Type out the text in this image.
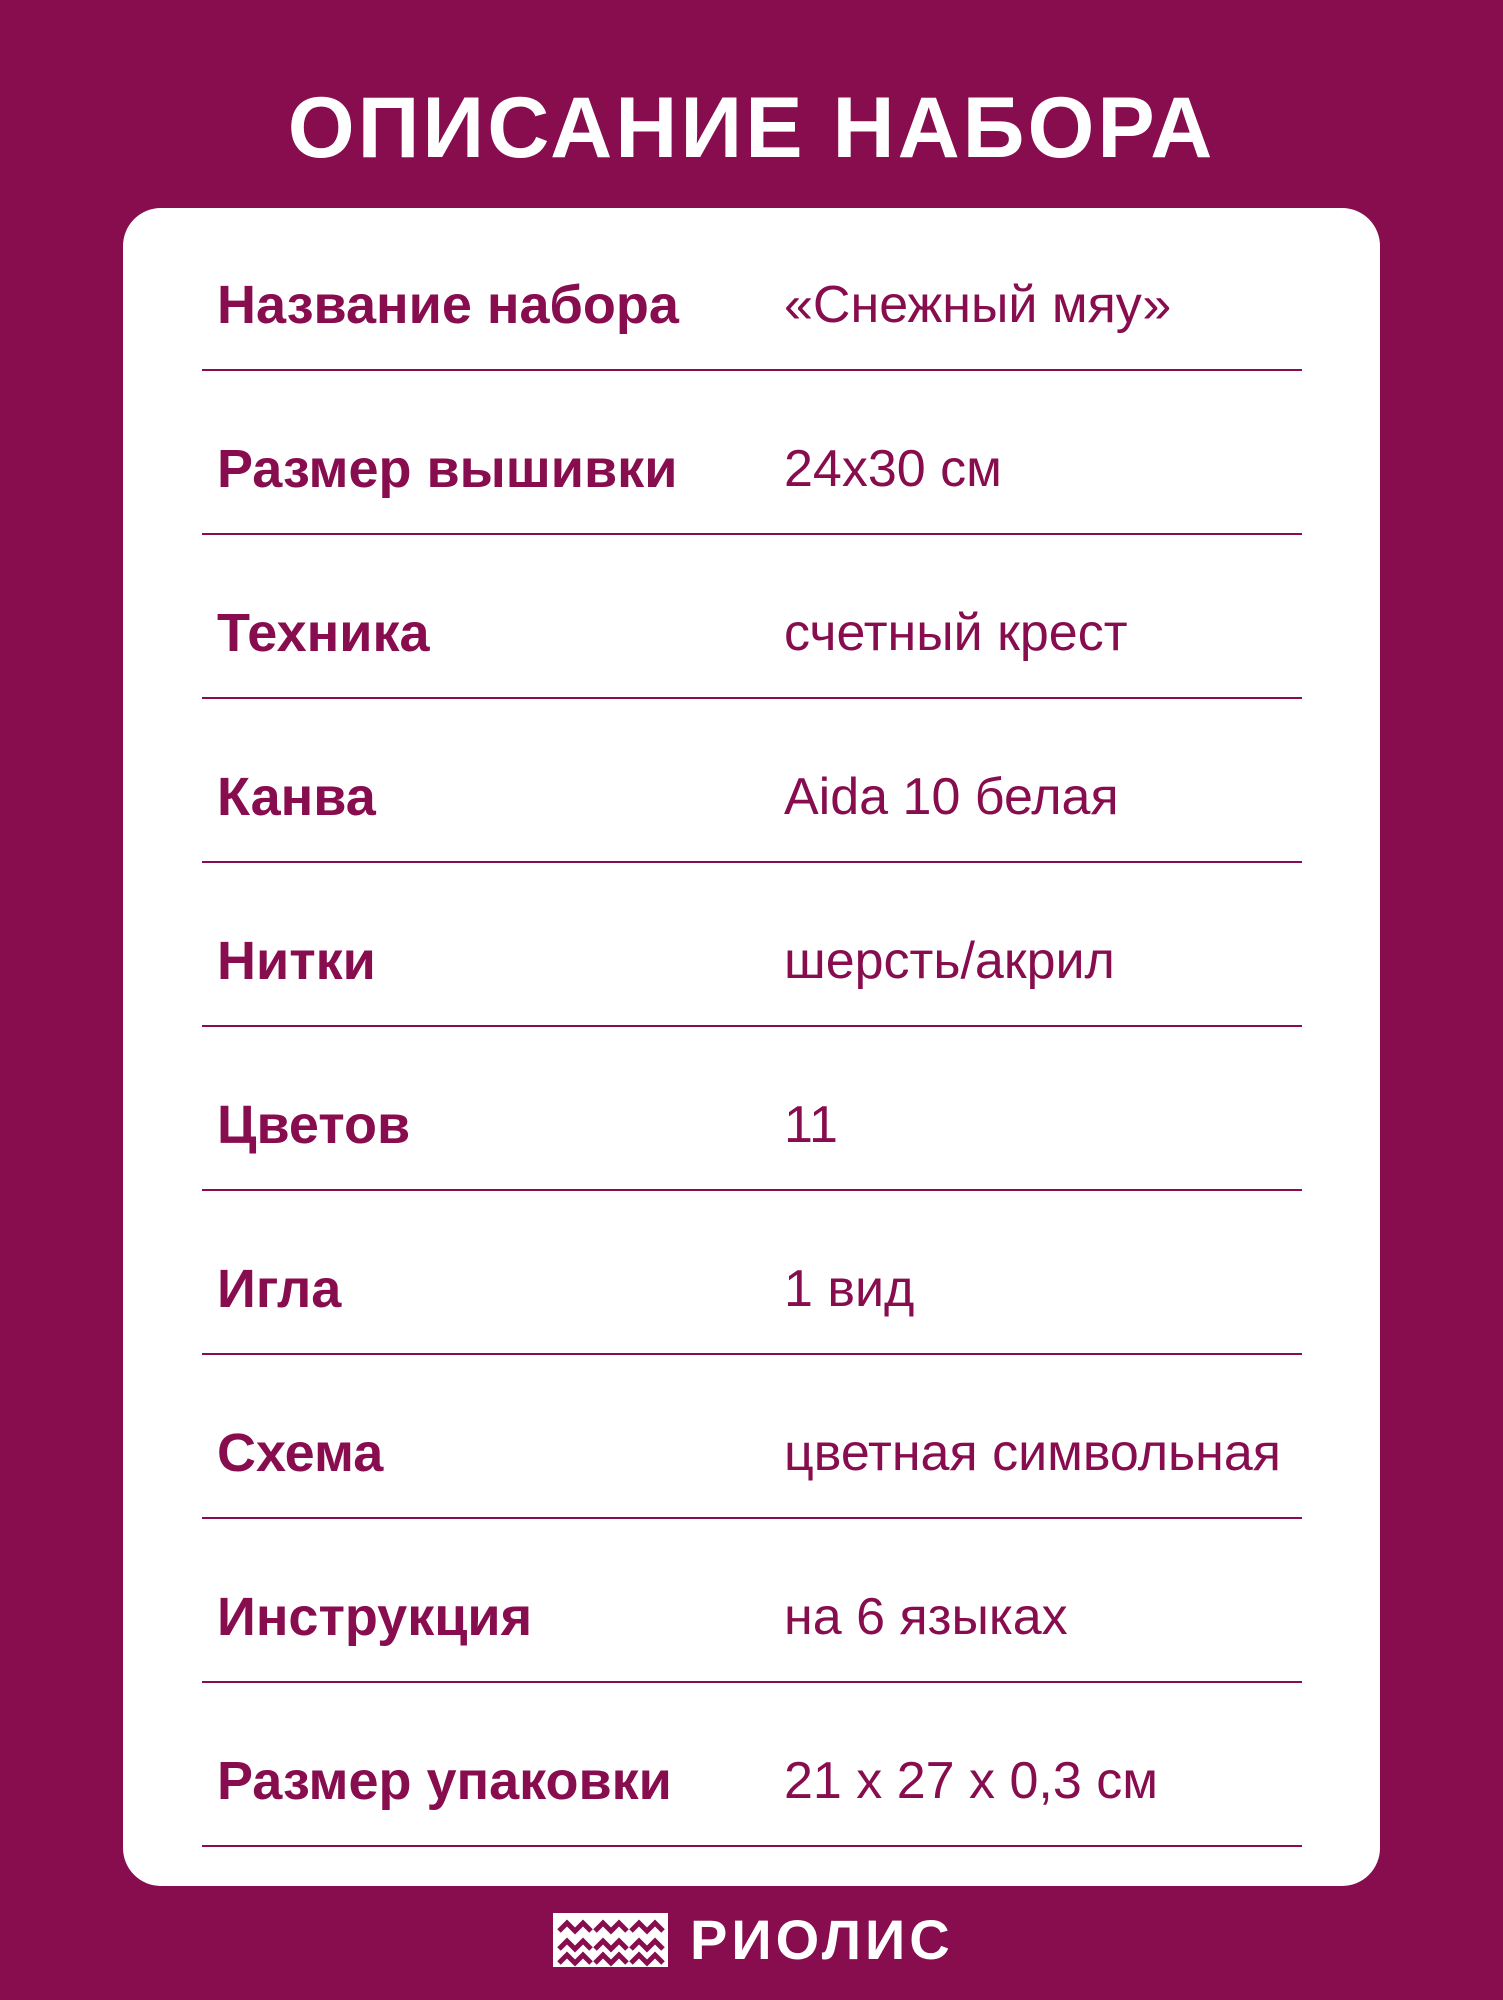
ОПИСАНИЕ НАБОРА
Название набора «Снежный мяу»
Размер вышивки 24x30 см
Техника	счетный крест
Канва	Aida 10 белая
Нитки	шерсть/акрил
Цветов	11
Игла	1 вид
Схема	цветная символьная
Инструкция	на 6 языках
Размер упаковки 21 x 27 x 0,3 см
РИОЛИС
